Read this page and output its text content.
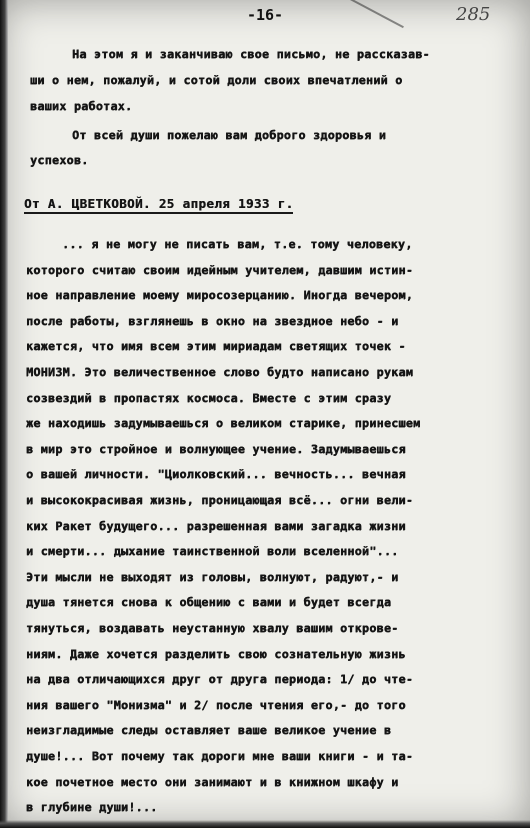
-16-	285
На этом я и заканчиваю свое письмо, не рассказав-
ши о нем, пожалуй, и сотой доли своих впечатлений о
ваших работах.
От всей души пожелаю вам доброго здоровья и
успехов.
От А. ЦВЕТКОВОЙ. 25 апреля 1933 г.
... я не могу не писать вам, т.е. тому человеку,
которого считаю своим идейным учителем, давшим истин-
ное направление моему миросозерцанию. Иногда вечером,
после работы, взглянешь в окно на звездное небо - и
кажется, что имя всем этим мириадам светящих точек -
МОНИЗМ. Это величественное слово будто написано рукам
созвездий в пропастях космоса. Вместе с этим сразу
же находишь задумываешься о великом старике, принесшем
в мир это стройное и волнующее учение. Задумываешься
о вашей личности. "Циолковский... вечность... вечная
и высококрасивая жизнь, проницающая всё... огни вели-
ких Ракет будущего... разрешенная вами загадка жизни
и смерти... дыхание таинственной воли вселенной"...
Эти мысли не выходят из головы, волнуют, радуют,- и
душа тянется снова к общению с вами и будет всегда
тянуться, воздавать неустанную хвалу вашим откровe-
ниям. Даже хочется разделить свою сознательную жизнь
на два отличающихся друг от друга периода: 1/ до чте-
ния вашего "Монизма" и 2/ после чтения его,- до того
неизгладимые следы оставляет ваше великое учение в
душе!... Вот почему так дороги мне ваши книги - и та-
кое почетное место они занимают и в книжном шкафу и
в глубине души!...
